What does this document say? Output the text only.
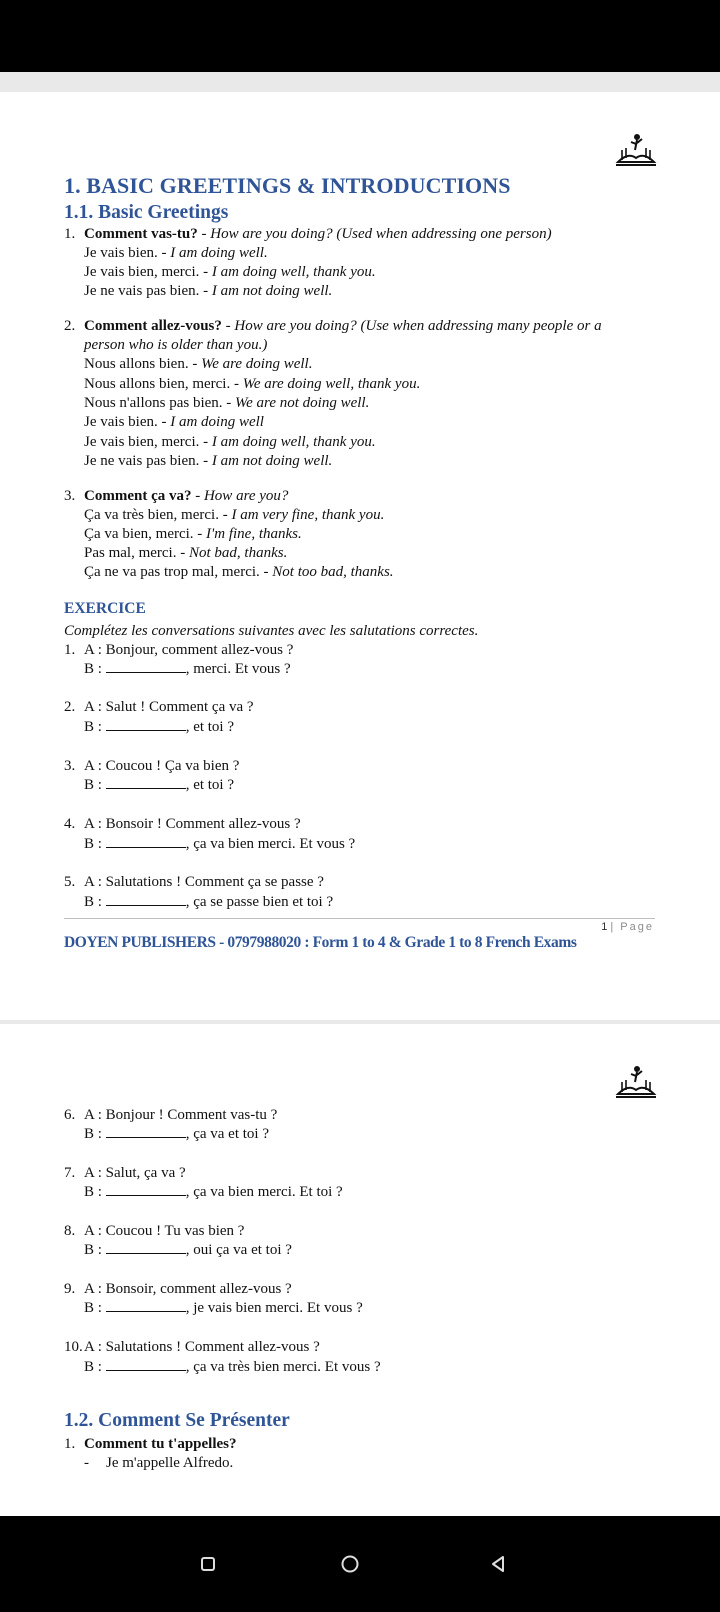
1. BASIC GREETINGS & INTRODUCTIONS
1.1. Basic Greetings
1. Comment vas-tu? - How are you doing? (Used when addressing one person)
Je vais bien. - I am doing well.
Je vais bien, merci. - I am doing well, thank you.
Je ne vais pas bien. - I am not doing well.
2. Comment allez-vous? - How are you doing? (Use when addressing many people or a
person who is older than you.)
Nous allons bien. - We are doing well.
Nous allons bien, merci. - We are doing well, thank you.
Nous n'allons pas bien. - We are not doing well.
Je vais bien. - I am doing well
Je vais bien, merci. - I am doing well, thank you.
Je ne vais pas bien. - I am not doing well.
3. Comment ça va? - How are you?
Ça va très bien, merci. - I am very fine, thank you.
Ça va bien, merci. - I'm fine, thanks.
Pas mal, merci. - Not bad, thanks.
Ça ne va pas trop mal, merci. - Not too bad, thanks.
EXERCICE
Complétez les conversations suivantes avec les salutations correctes.
1. A : Bonjour, comment allez-vous ?
B :	, merci. Et vous ?
2. A : Salut ! Comment ça va ?
B :	, et toi ?
3. A : Coucou ! Ça va bien ?
B :	, et toi ?
4. A : Bonsoir ! Comment allez-vous ?
B :	, ça va bien merci. Et vous ?
5. A : Salutations ! Comment ça se passe ?
B :	, ça se passe bien et toi ?
1 | Page
DOYEN PUBLISHERS - 0797988020 : Form 1 to 4 & Grade 1 to 8 French Exams
6. A : Bonjour ! Comment vas-tu ?
B :	, ça va et toi ?
7. A : Salut, ça va ?
B :	, ça va bien merci. Et toi ?
8. A : Coucou ! Tu vas bien ?
B :	, oui ça va et toi ?
9. A : Bonsoir, comment allez-vous ?
B :	, je vais bien merci. Et vous ?
10. A : Salutations ! Comment allez-vous ?
B :	, ça va très bien merci. Et vous ?
1.2. Comment Se Présenter
1. Comment tu t'appelles?
- Je m'appelle Alfredo.
